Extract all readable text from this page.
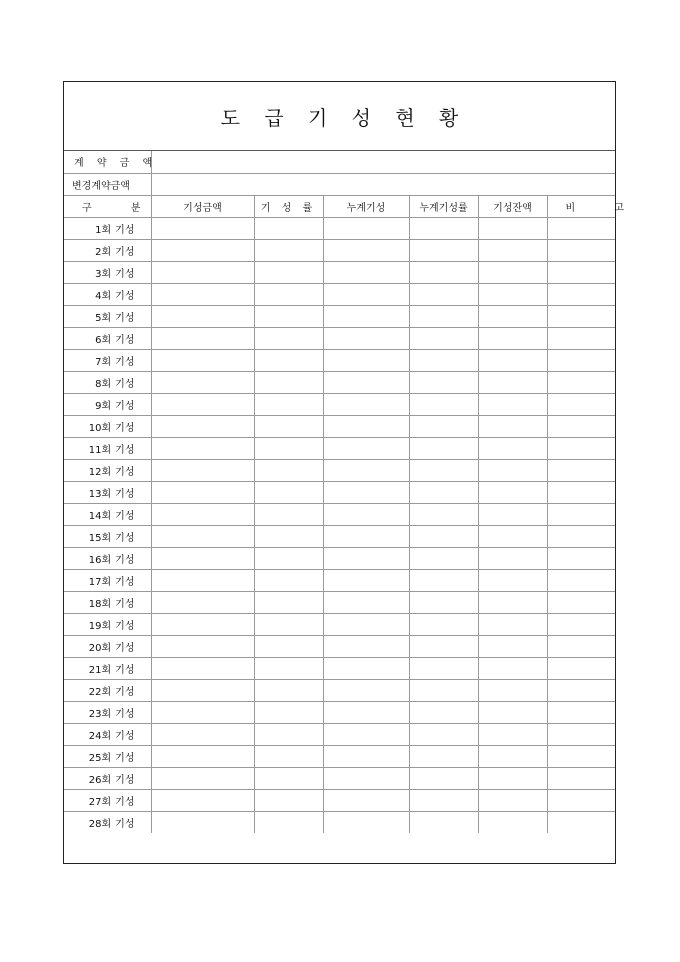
도 급 기 성 현 황
계 약 금 액						
변경계약금액						
구 분	기성금액	기 성 률	누계기성	누계기성률	기성잔액	비 고
1회 기성						
2회 기성						
3회 기성						
4회 기성						
5회 기성						
6회 기성						
7회 기성						
8회 기성						
9회 기성						
10회 기성						
11회 기성						
12회 기성						
13회 기성						
14회 기성						
15회 기성						
16회 기성						
17회 기성						
18회 기성						
19회 기성						
20회 기성						
21회 기성						
22회 기성						
23회 기성						
24회 기성						
25회 기성						
26회 기성						
27회 기성						
28회 기성						
